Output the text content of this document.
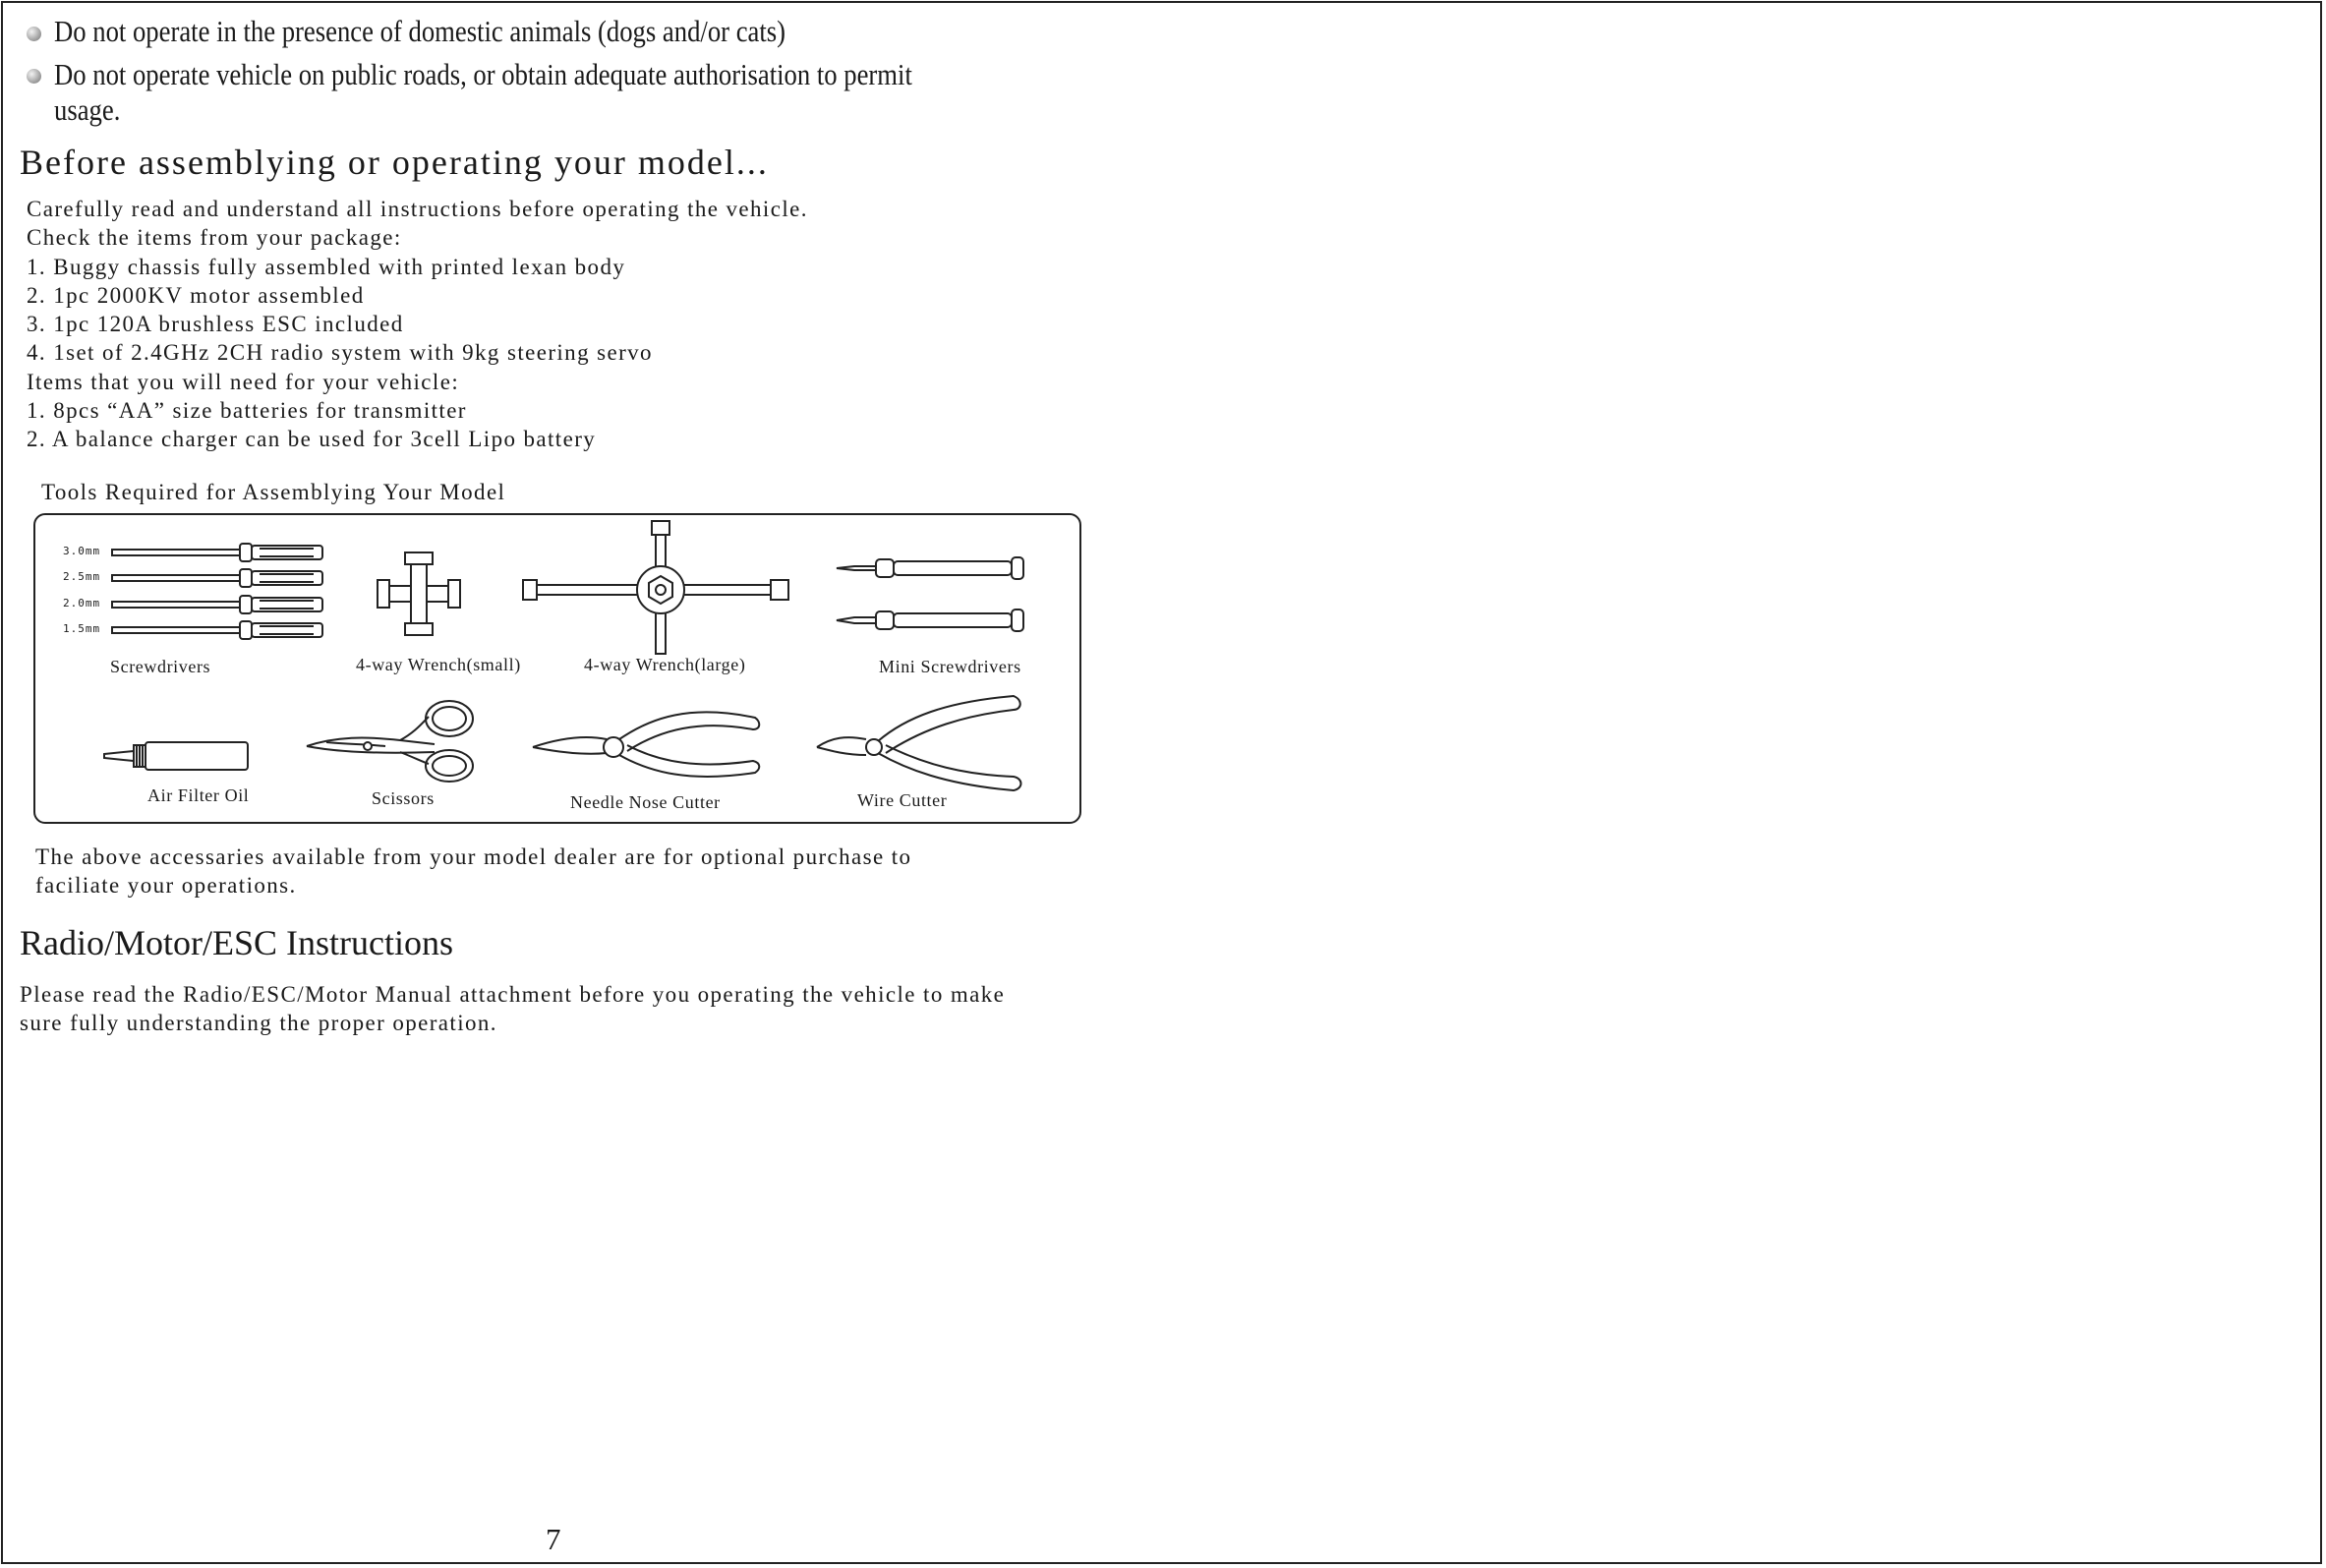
Do not operate in the presence of domestic animals (dogs and/or cats)
Do not operate vehicle on public roads, or obtain adequate authorisation to permit
usage.
Before assemblying or operating your model...
Carefully read and understand all instructions before operating the vehicle.
Check the items from your package:
1. Buggy chassis fully assembled with printed lexan body
2. 1pc 2000KV motor assembled
3. 1pc 120A brushless ESC included
4. 1set of 2.4GHz 2CH radio system with 9kg steering servo
Items that you will need for your vehicle:
1. 8pcs “AA” size batteries for transmitter
2. A balance charger can be used for 3cell Lipo battery
Tools Required for Assemblying Your Model
3.0mm
2.5mm
2.0mm
1.5mm
Screwdrivers	4-way Wrench(small)	4-way Wrench(large)	Mini Screwdrivers
Air Filter Oil	Scissors	Needle Nose Cutter	Wire Cutter
The above accessaries available from your model dealer are for optional purchase to
faciliate your operations.
Radio/Motor/ESC Instructions
Please read the Radio/ESC/Motor Manual attachment before you operating the vehicle to make
sure fully understanding the proper operation.
7
